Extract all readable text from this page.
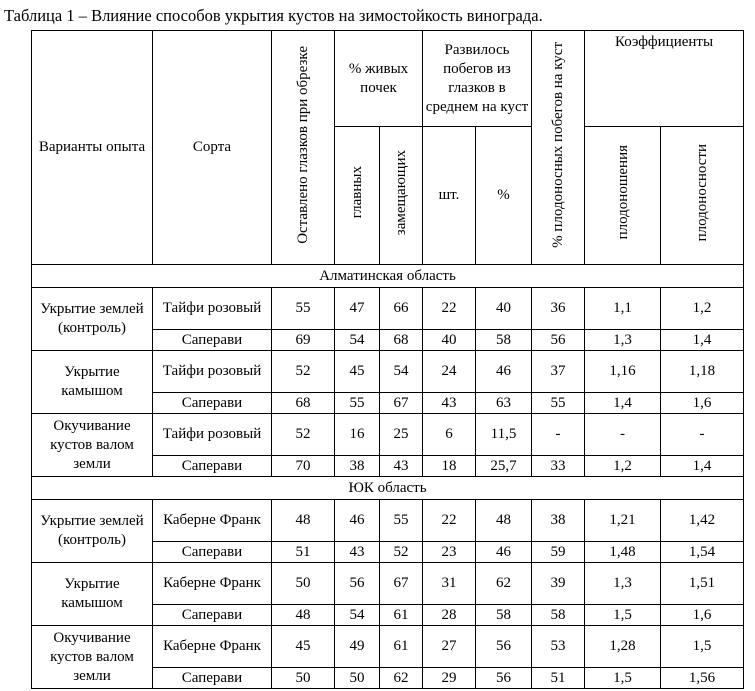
Таблица 1 – Влияние способов укрытия кустов на зимостойкость винограда.
Варианты опыта	Сорта	Оставлено глазков при обрезке	% живых почек		Развилось побегов из глазков в среднем на куст		% плодоносных побегов на куст	Коэффициенты	
			главных	замещающих	шт.	%		плодоношения	плодоносности
Алматинская область									
Укрытие землей (контроль)	Тайфи розовый	55	47	66	22	40	36	1,1	1,2
	Саперави	69	54	68	40	58	56	1,3	1,4
Укрытие камышом	Тайфи розовый	52	45	54	24	46	37	1,16	1,18
	Саперави	68	55	67	43	63	55	1,4	1,6
Окучивание кустов валом земли	Тайфи розовый	52	16	25	6	11,5	-	-	-
	Саперави	70	38	43	18	25,7	33	1,2	1,4
ЮК область									
Укрытие землей (контроль)	Каберне Франк	48	46	55	22	48	38	1,21	1,42
	Саперави	51	43	52	23	46	59	1,48	1,54
Укрытие камышом	Каберне Франк	50	56	67	31	62	39	1,3	1,51
	Саперави	48	54	61	28	58	58	1,5	1,6
Окучивание кустов валом земли	Каберне Франк	45	49	61	27	56	53	1,28	1,5
	Саперави	50	50	62	29	56	51	1,5	1,56
